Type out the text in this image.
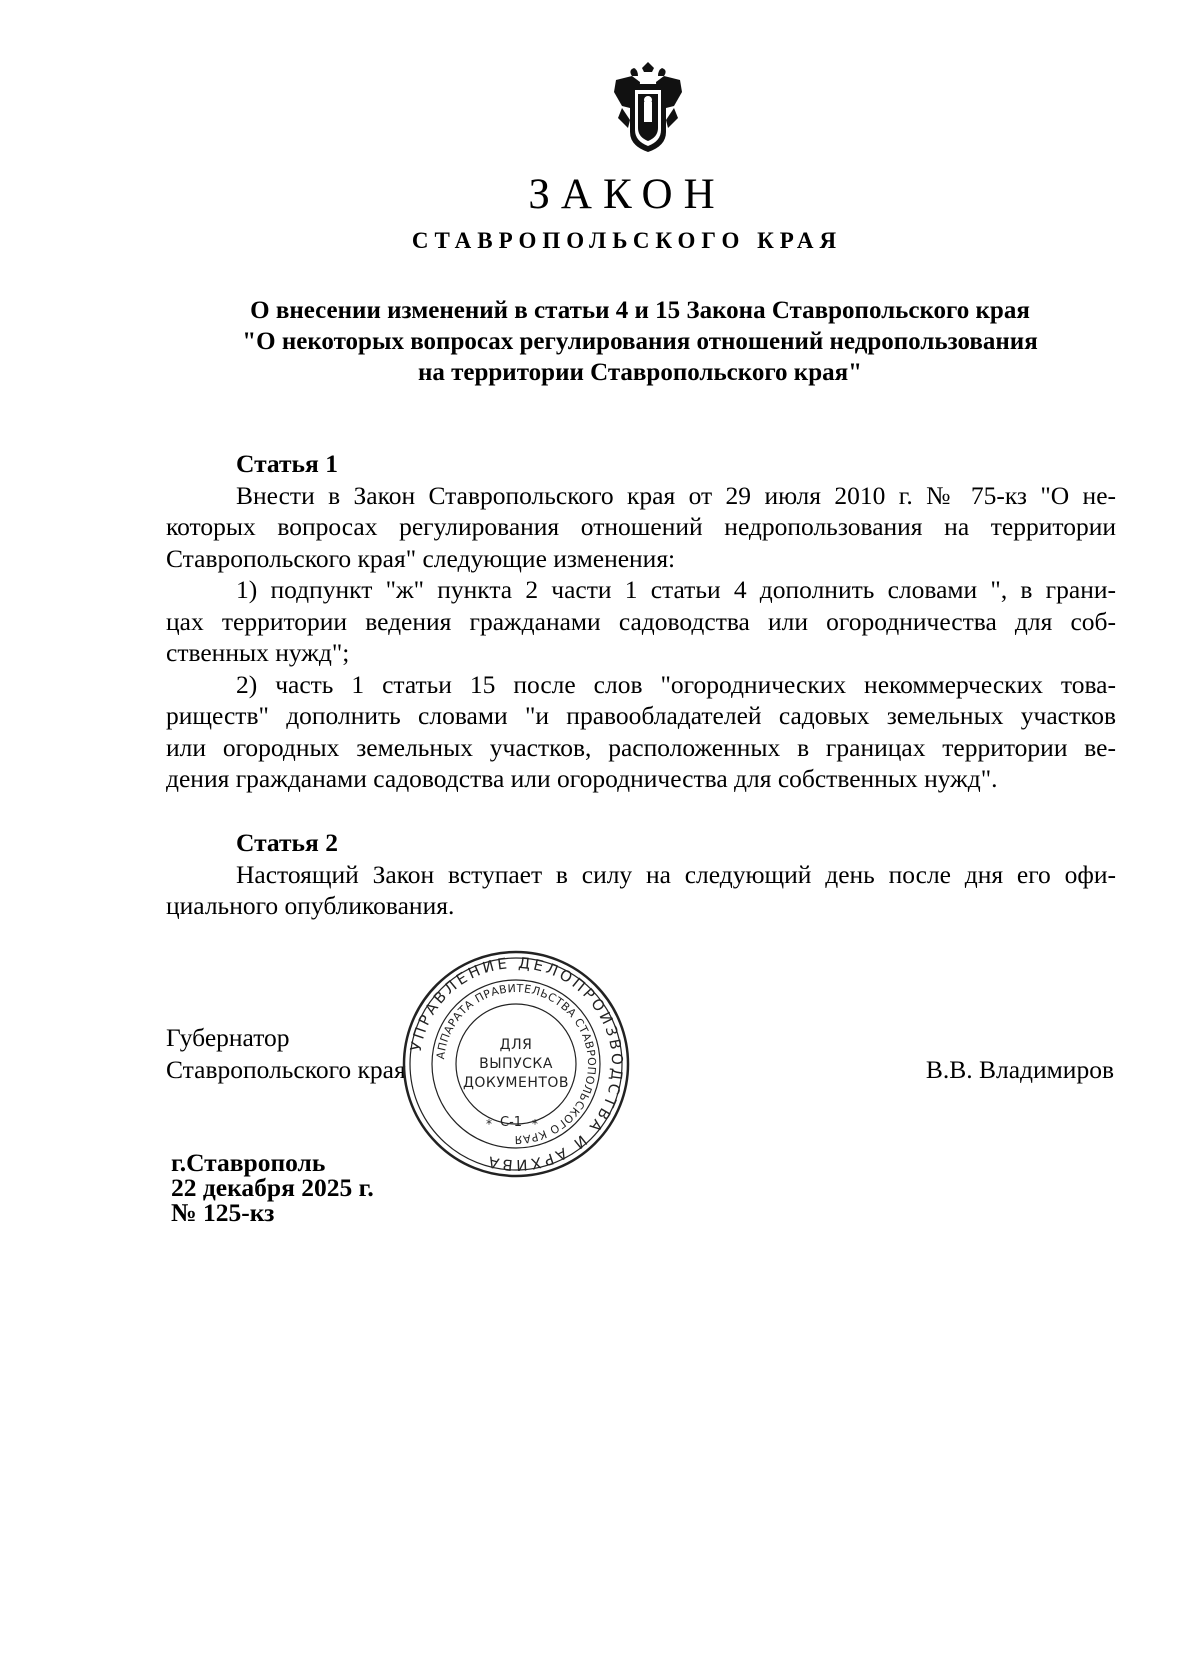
ЗАКОН
СТАВРОПОЛЬСКОГО КРАЯ
О внесении изменений в статьи 4 и 15 Закона Ставропольского края
"О некоторых вопросах регулирования отношений недропользования
на территории Ставропольского края"
Статья 1
Внести в Закон Ставропольского края от 29 июля 2010 г. № 75-кз "О не-
которых вопросах регулирования отношений недропользования на территории
Ставропольского края" следующие изменения:
1) подпункт "ж" пункта 2 части 1 статьи 4 дополнить словами ", в грани-
цах территории ведения гражданами садоводства или огородничества для соб-
ственных нужд";
2) часть 1 статьи 15 после слов "огороднических некоммерческих това-
риществ" дополнить словами "и правообладателей садовых земельных участков
или огородных земельных участков, расположенных в границах территории ве-
дения гражданами садоводства или огородничества для собственных нужд".
Статья 2
Настоящий Закон вступает в силу на следующий день после дня его офи-
циального опубликования.
Губернатор
Ставропольского края	В.В. Владимиров
УПРАВЛЕНИЕ ДЕЛОПРОИЗВОДСТВА И АРХИВА
АППАРАТА ПРАВИТЕЛЬСТВА СТАВРОПОЛЬСКОГО КРАЯ
ДЛЯ
ВЫПУСКА
ДОКУМЕНТОВ
* С-1 *
г.Ставрополь
22 декабря 2025 г.
№ 125-кз
